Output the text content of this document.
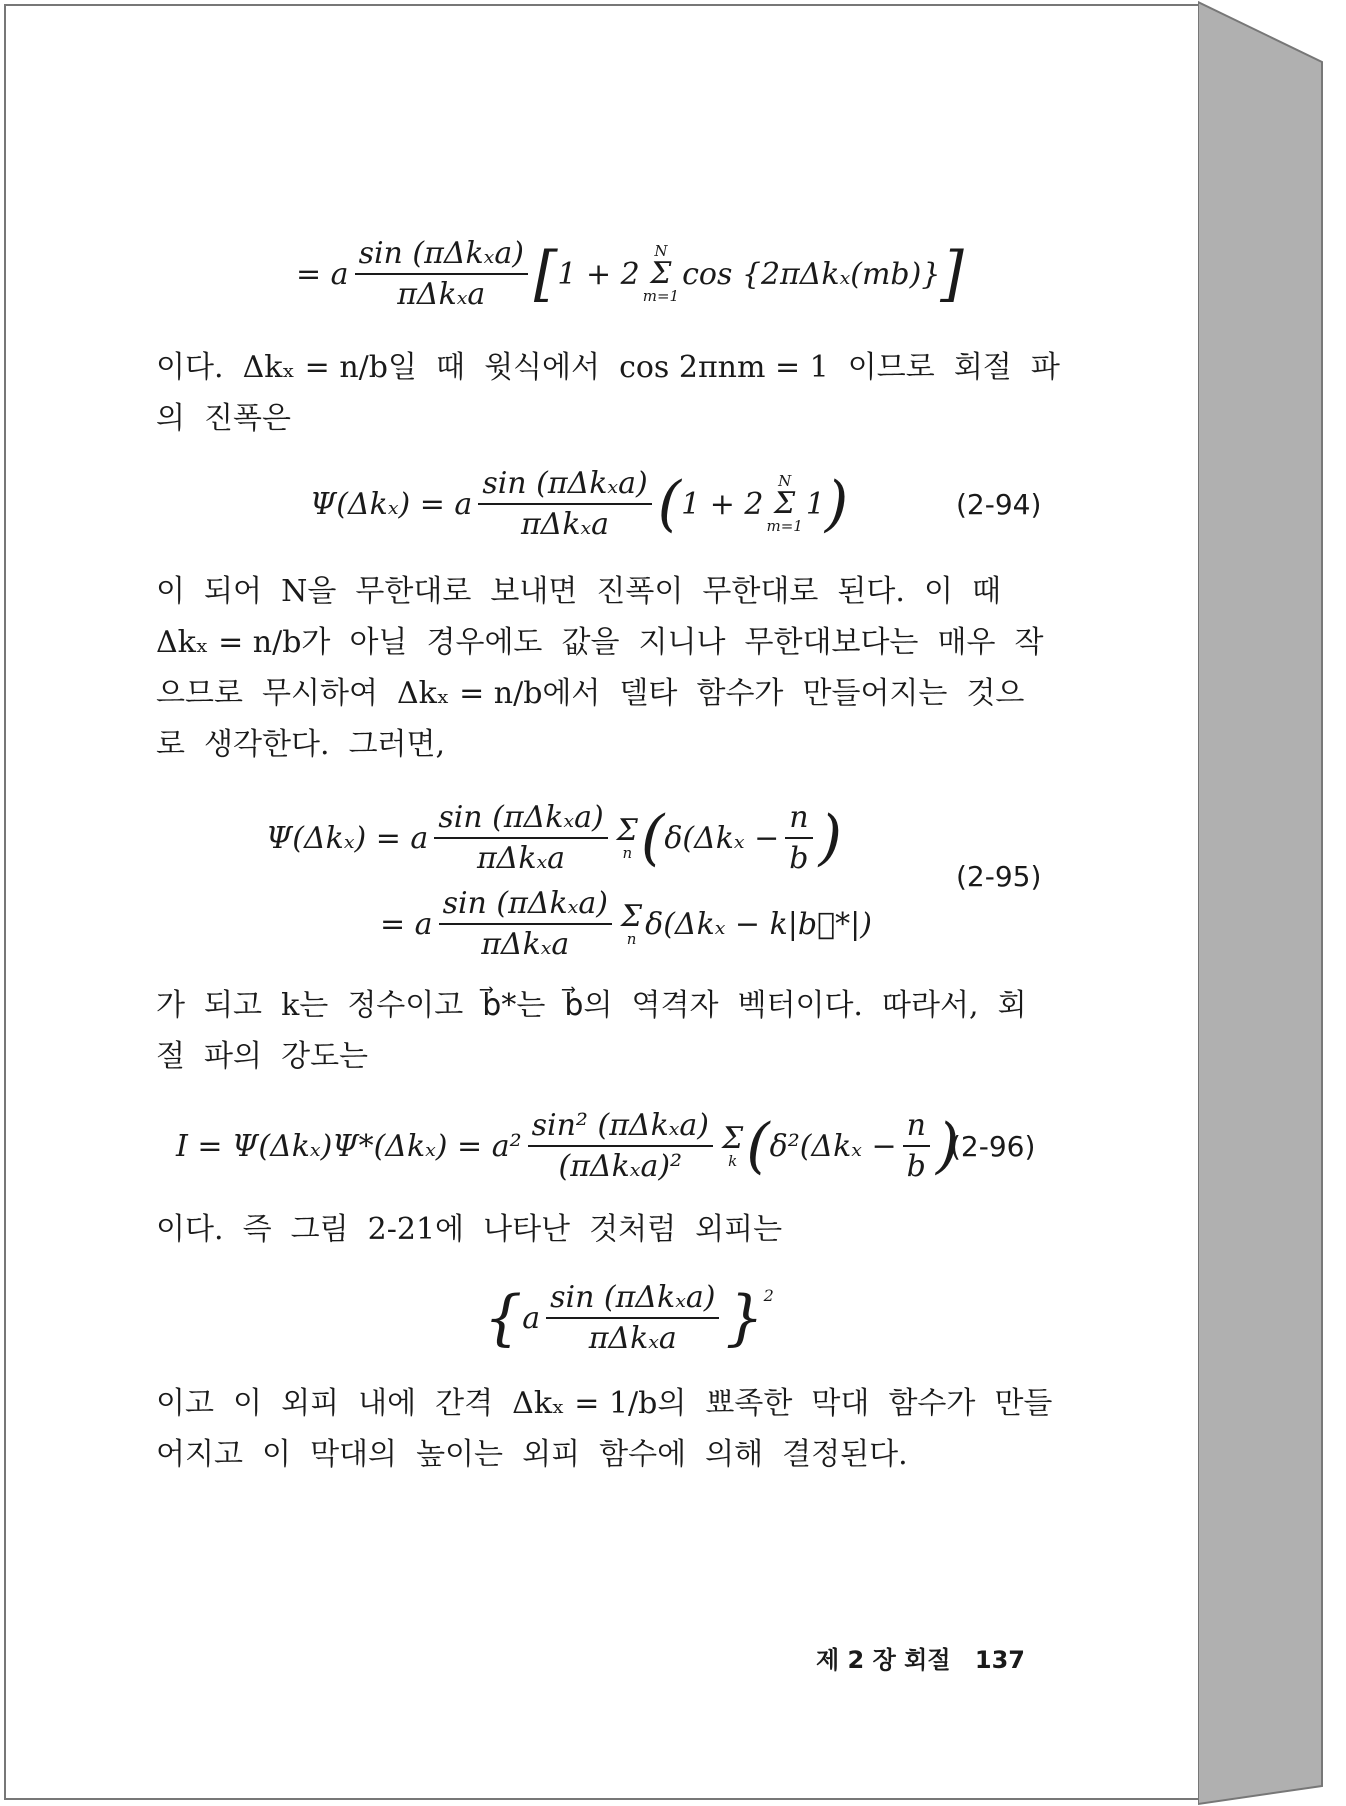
= a $\frac{\text{sin (πΔkₓa)}}{\text{πΔkₓa}}$ [ 1 + 2
N
Σ
m=1
cos {2πΔkₓ(mb)} ]
이다.  Δkₓ = n/b일  때  윗식에서  cos 2πnm = 1  이므로  회절  파
의  진폭은
Ψ(Δkₓ) = a $\frac{\text{sin (πΔkₓa)}}{\text{πΔkₓa}}$ ( 1 + 2
N
Σ
m=1
1 )	(2-94)
이  되어  N을  무한대로  보내면  진폭이  무한대로  된다.  이  때
Δkₓ = n/b가  아닐  경우에도  값을  지니나  무한대보다는  매우  작
으므로  무시하여  Δkₓ = n/b에서  델타  함수가  만들어지는  것으
로  생각한다.  그러면,
Ψ(Δkₓ) = a $\frac{\text{sin (πΔkₓa)}}{\text{πΔkₓa}}$ Σ
n ( $\delta(\Delta k_x - \frac{n}{b}$ )
= a $\frac{\text{sin (πΔkₓa)}}{\text{πΔkₓa}}$ Σ
n δ(Δkₓ − k|b⃗*|)
(2-95)
가  되고  k는  정수이고  b⃗*는  b⃗의  역격자  벡터이다.  따라서,  회
절  파의  강도는
$I = \Psi(\Delta k_x)\Psi*(\Delta k_x) = a^2 \frac{\text{sin² (πΔkₓa)}}{\text{(πΔkₓa)²}}$ Σ
k ( $\delta^2(\Delta k_x - \frac{n}{b}$ )
(2-96)
이다.  즉  그림  2-21에  나타난  것처럼  외피는
{ a $\frac{\text{sin (πΔkₓa)}}{\text{πΔkₓa}} \}^2$
이고  이  외피  내에  간격  Δkₓ = 1/b의  뾰족한  막대  함수가  만들
어지고  이  막대의  높이는  외피  함수에  의해  결정된다.
제 2 장 회절 137
